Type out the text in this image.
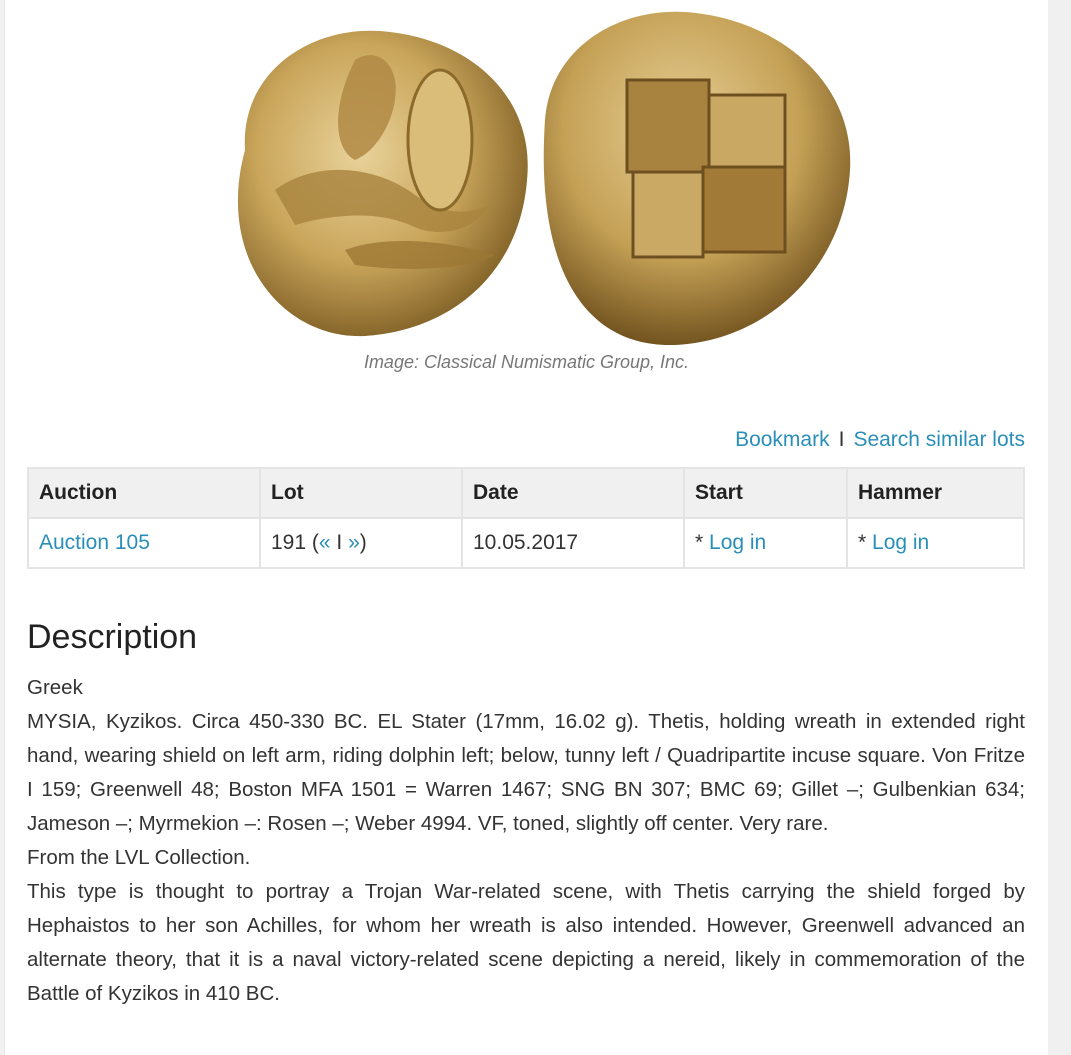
Image: Classical Numismatic Group, Inc.
Bookmark I Search similar lots
Auction	Lot	Date	Start	Hammer
Auction 105	191 (« I »)	10.05.2017	* Log in	* Log in
Description

Greek

MYSIA, Kyzikos. Circa 450-330 BC. EL Stater (17mm, 16.02 g). Thetis, holding wreath in extended right hand, wearing shield on left arm, riding dolphin left; below, tunny left / Quadripartite incuse square. Von Fritze I 159; Greenwell 48; Boston MFA 1501 = Warren 1467; SNG BN 307; BMC 69; Gillet –; Gulbenkian 634; Jameson –; Myrmekion –: Rosen –; Weber 4994. VF, toned, slightly off center. Very rare.

From the LVL Collection.

This type is thought to portray a Trojan War-related scene, with Thetis carrying the shield forged by Hephaistos to her son Achilles, for whom her wreath is also intended. However, Greenwell advanced an alternate theory, that it is a naval victory-related scene depicting a nereid, likely in commemoration of the Battle of Kyzikos in 410 BC.
